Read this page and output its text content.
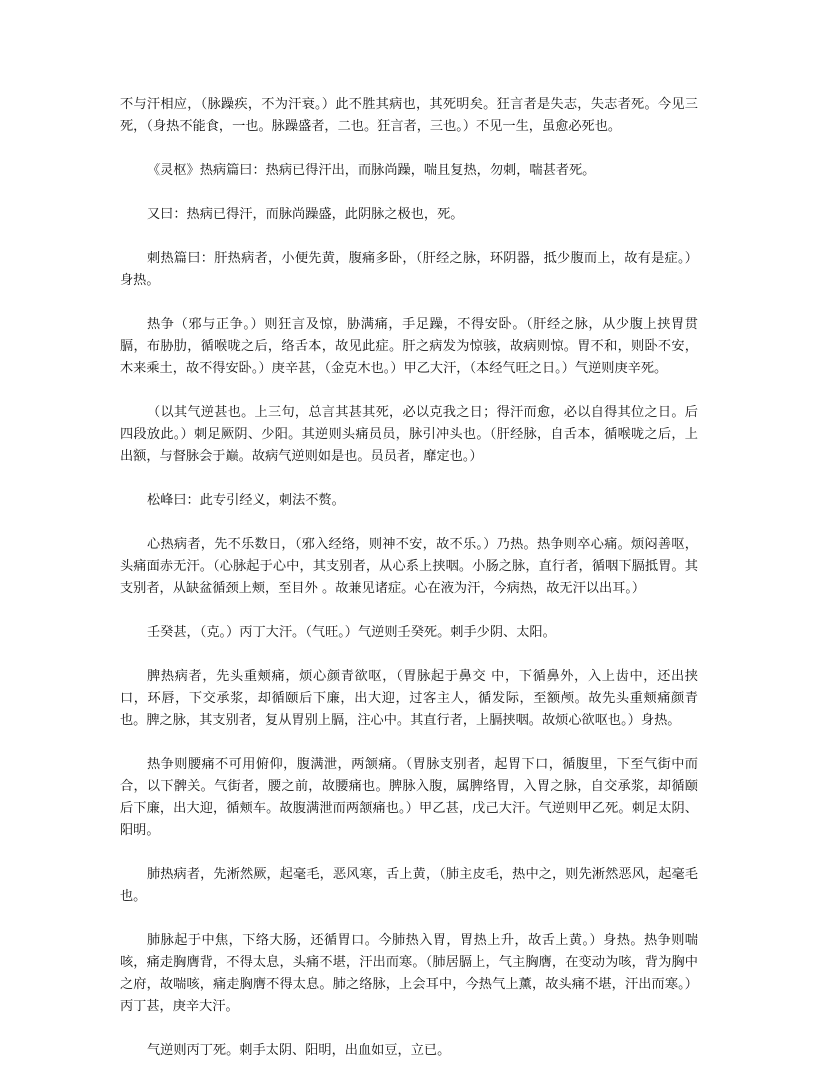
不与汗相应，（脉躁疾，不为汗衰。）此不胜其病也，其死明矣。狂言者是失志，失志者死。今见三死，（身热不能食，一也。脉躁盛者，二也。狂言者，三也。）不见一生，虽愈必死也。

《灵枢》热病篇曰：热病已得汗出，而脉尚躁，喘且复热，勿刺，喘甚者死。

又曰：热病已得汗，而脉尚躁盛，此阴脉之极也，死。

刺热篇曰：肝热病者，小便先黄，腹痛多卧，（肝经之脉，环阴器，抵少腹而上，故有是症。）身热。

热争（邪与正争。）则狂言及惊，胁满痛，手足躁，不得安卧。（肝经之脉，从少腹上挟胃贯膈，布胁肋，循喉咙之后，络舌本，故见此症。肝之病发为惊骇，故病则惊。胃不和，则卧不安，木来乘土，故不得安卧。）庚辛甚，（金克木也。）甲乙大汗，（本经气旺之日。）气逆则庚辛死。

（以其气逆甚也。上三句，总言其甚其死，必以克我之日；得汗而愈，必以自得其位之日。后四段放此。）刺足厥阴、少阳。其逆则头痛员员，脉引冲头也。（肝经脉，自舌本，循喉咙之后，上出额，与督脉会于巅。故病气逆则如是也。员员者，靡定也。）

松峰曰：此专引经义，刺法不赘。

心热病者，先不乐数日，（邪入经络，则神不安，故不乐。）乃热。热争则卒心痛。烦闷善呕，头痛面赤无汗。（心脉起于心中，其支别者，从心系上挟咽。小肠之脉，直行者，循咽下膈抵胃。其支别者，从缺盆循颈上颊，至目外 。故兼见诸症。心在液为汗，今病热，故无汗以出耳。）

壬癸甚，（克。）丙丁大汗。（气旺。）气逆则壬癸死。刺手少阴、太阳。

脾热病者，先头重颊痛，烦心颜青欲呕，（胃脉起于鼻交 中，下循鼻外，入上齿中，还出挟口，环唇，下交承浆，却循颐后下廉，出大迎，过客主人，循发际，至额颅。故先头重颊痛颜青也。脾之脉，其支别者，复从胃别上膈，注心中。其直行者，上膈挟咽。故烦心欲呕也。）身热。

热争则腰痛不可用俯仰，腹满泄，两颔痛。（胃脉支别者，起胃下口，循腹里，下至气街中而合，以下髀关。气街者，腰之前，故腰痛也。脾脉入腹，属脾络胃，入胃之脉，自交承浆，却循颐后下廉，出大迎，循颊车。故腹满泄而两颔痛也。）甲乙甚，戊己大汗。气逆则甲乙死。刺足太阴、阳明。

肺热病者，先淅然厥，起毫毛，恶风寒，舌上黄，（肺主皮毛，热中之，则先淅然恶风，起毫毛也。

肺脉起于中焦，下络大肠，还循胃口。今肺热入胃，胃热上升，故舌上黄。）身热。热争则喘咳，痛走胸膺背，不得太息，头痛不堪，汗出而寒。（肺居膈上，气主胸膺，在变动为咳，背为胸中之府，故喘咳，痛走胸膺不得太息。肺之络脉，上会耳中，今热气上薰，故头痛不堪，汗出而寒。）丙丁甚，庚辛大汗。

气逆则丙丁死。刺手太阴、阳明，出血如豆，立已。
